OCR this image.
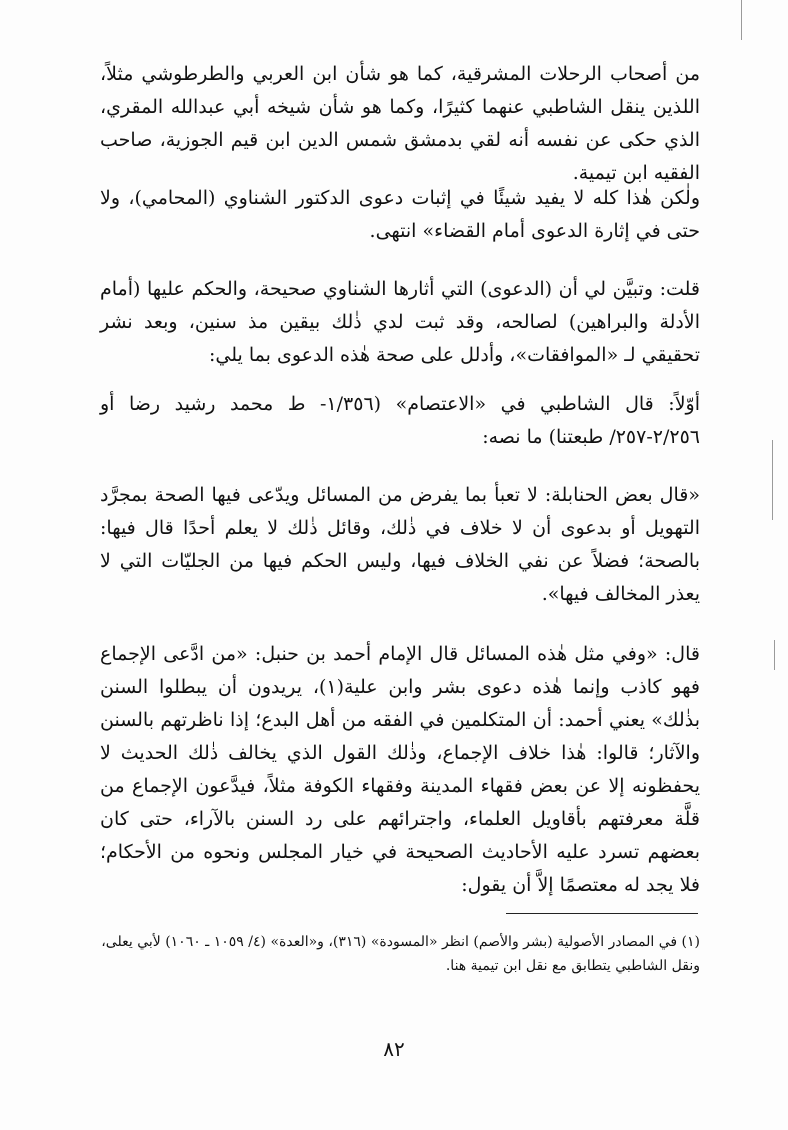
من أصحاب الرحلات المشرقية، كما هو شأن ابن العربي والطرطوشي مثلاً، اللذين ينقل الشاطبي عنهما كثيرًا، وكما هو شأن شيخه أبي عبدالله المقري، الذي حكى عن نفسه أنه لقي بدمشق شمس الدين ابن قيم الجوزية، صاحب الفقيه ابن تيمية.

ولٰكن هٰذا كله لا يفيد شيئًا في إثبات دعوى الدكتور الشناوي (المحامي)، ولا حتى في إثارة الدعوى أمام القضاء» انتهى.

قلت: وتبيَّن لي أن (الدعوى) التي أثارها الشناوي صحيحة، والحكم عليها (أمام الأدلة والبراهين) لصالحه، وقد ثبت لدي ذٰلك بيقين مذ سنين، وبعد نشر تحقيقي لـ «الموافقات»، وأدلل على صحة هٰذه الدعوى بما يلي:

أوّلاً: قال الشاطبي في «الاعتصام» (١/٣٥٦- ط محمد رشيد رضا أو ٢/٢٥٦-٢٥٧/ طبعتنا) ما نصه:

«قال بعض الحنابلة: لا تعبأ بما يفرض من المسائل ويدّعى فيها الصحة بمجرَّد التهويل أو بدعوى أن لا خلاف في ذٰلك، وقائل ذٰلك لا يعلم أحدًا قال فيها: بالصحة؛ فضلاً عن نفي الخلاف فيها، وليس الحكم فيها من الجليّات التي لا يعذر المخالف فيها».

قال: «وفي مثل هٰذه المسائل قال الإمام أحمد بن حنبل: «من ادَّعى الإجماع فهو كاذب وإنما هٰذه دعوى بشر وابن علية(١)، يريدون أن يبطلوا السنن بذٰلك» يعني أحمد: أن المتكلمين في الفقه من أهل البدع؛ إذا ناظرتهم بالسنن والآثار؛ قالوا: هٰذا خلاف الإجماع، وذٰلك القول الذي يخالف ذٰلك الحديث لا يحفظونه إلا عن بعض فقهاء المدينة وفقهاء الكوفة مثلاً، فيدَّعون الإجماع من قلَّة معرفتهم بأقاويل العلماء، واجترائهم على رد السنن بالآراء، حتى كان بعضهم تسرد عليه الأحاديث الصحيحة في خيار المجلس ونحوه من الأحكام؛ فلا يجد له معتصمًا إلاَّ أن يقول:

(١) في المصادر الأصولية (بشر والأصم) انظر «المسودة» (٣١٦)، و«العدة» (٤/ ١٠٥٩ ـ ١٠٦٠) لأبي يعلى، ونقل الشاطبي يتطابق مع نقل ابن تيمية هنا.

٨٢
